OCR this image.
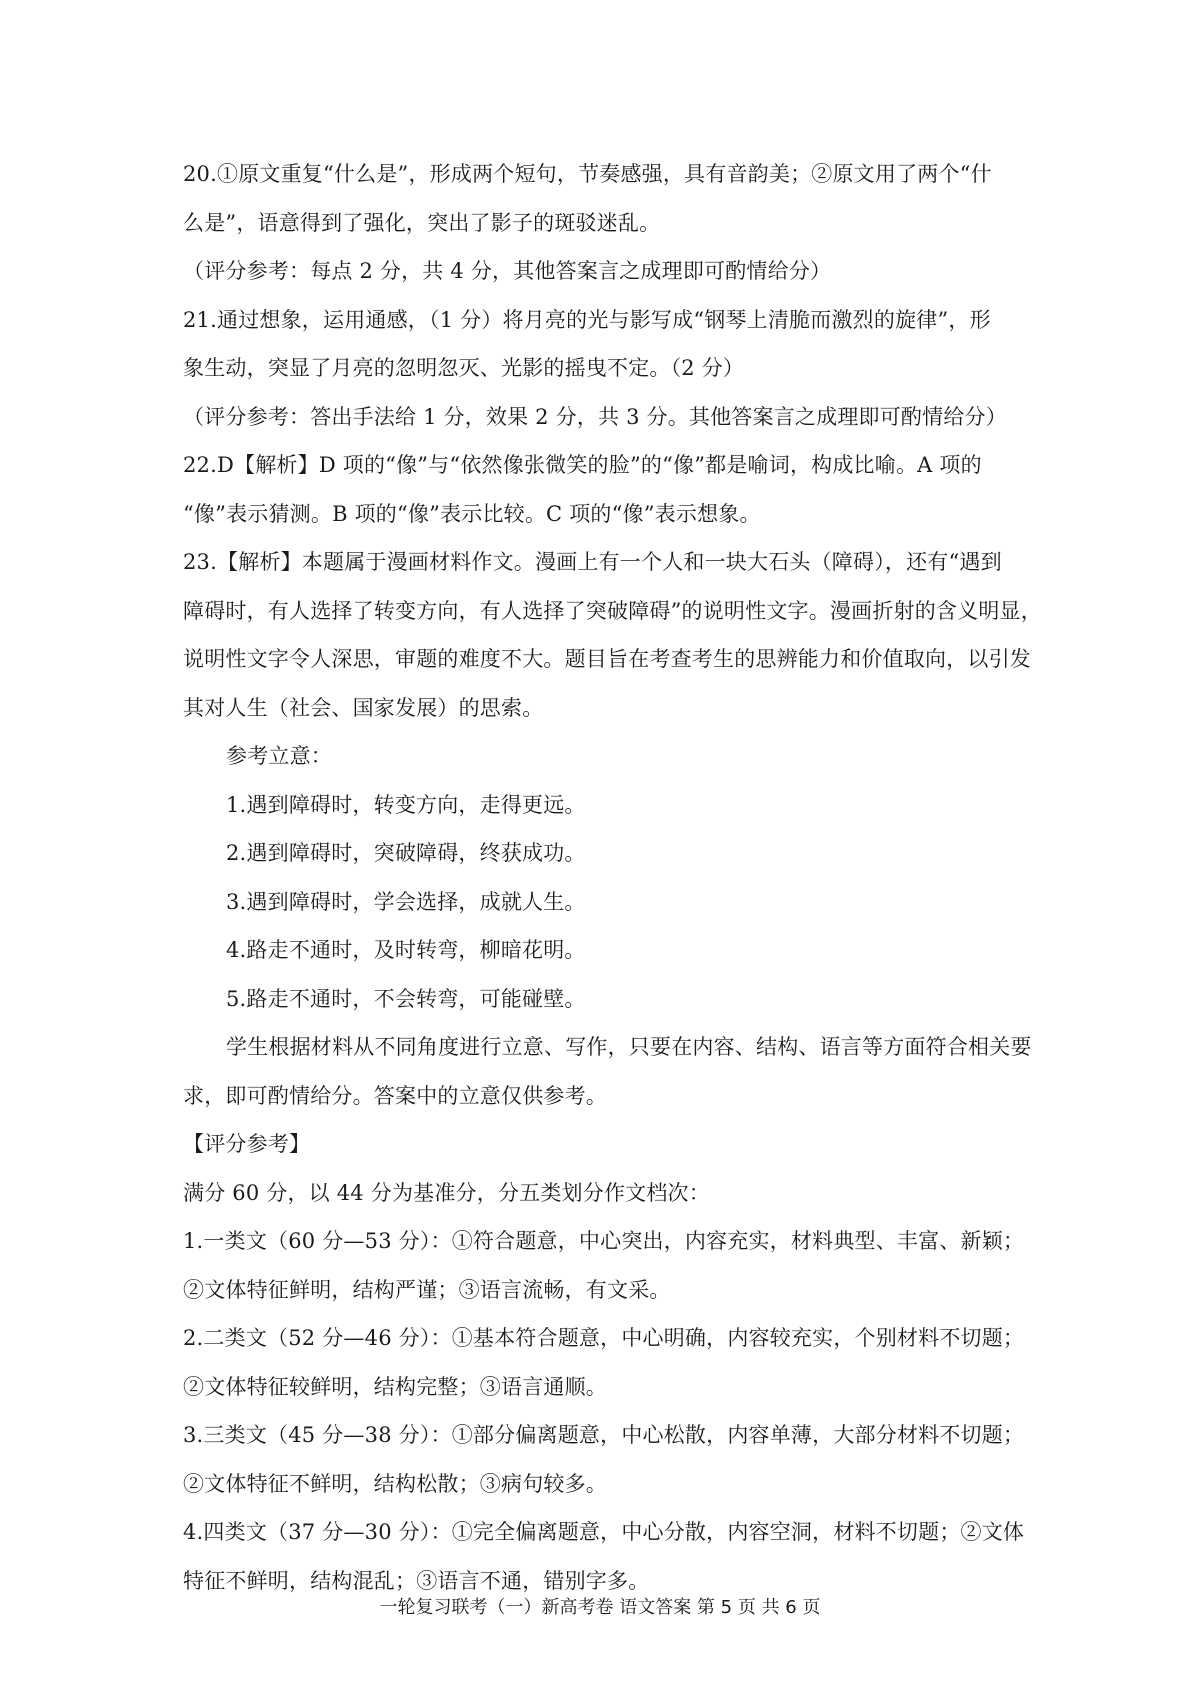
20.①原文重复“什么是”，形成两个短句，节奏感强，具有音韵美；②原文用了两个“什
么是”，语意得到了强化，突出了影子的斑驳迷乱。
（评分参考：每点 2 分，共 4 分，其他答案言之成理即可酌情给分）
21.通过想象，运用通感，（1 分）将月亮的光与影写成“钢琴上清脆而激烈的旋律”，形
象生动，突显了月亮的忽明忽灭、光影的摇曳不定。（2 分）
（评分参考：答出手法给 1 分，效果 2 分，共 3 分。其他答案言之成理即可酌情给分）
22.D【解析】D 项的“像”与“依然像张微笑的脸”的“像”都是喻词，构成比喻。A 项的
“像”表示猜测。B 项的“像”表示比较。C 项的“像”表示想象。
23.【解析】本题属于漫画材料作文。漫画上有一个人和一块大石头（障碍），还有“遇到
障碍时，有人选择了转变方向，有人选择了突破障碍”的说明性文字。漫画折射的含义明显，
说明性文字令人深思，审题的难度不大。题目旨在考查考生的思辨能力和价值取向，以引发
其对人生（社会、国家发展）的思索。
参考立意：
1.遇到障碍时，转变方向，走得更远。
2.遇到障碍时，突破障碍，终获成功。
3.遇到障碍时，学会选择，成就人生。
4.路走不通时，及时转弯，柳暗花明。
5.路走不通时，不会转弯，可能碰壁。
学生根据材料从不同角度进行立意、写作，只要在内容、结构、语言等方面符合相关要
求，即可酌情给分。答案中的立意仅供参考。
【评分参考】
满分 60 分，以 44 分为基准分，分五类划分作文档次：
1.一类文（60 分—53 分）：①符合题意，中心突出，内容充实，材料典型、丰富、新颖；
②文体特征鲜明，结构严谨；③语言流畅，有文采。
2.二类文（52 分—46 分）：①基本符合题意，中心明确，内容较充实，个别材料不切题；
②文体特征较鲜明，结构完整；③语言通顺。
3.三类文（45 分—38 分）：①部分偏离题意，中心松散，内容单薄，大部分材料不切题；
②文体特征不鲜明，结构松散；③病句较多。
4.四类文（37 分—30 分）：①完全偏离题意，中心分散，内容空洞，材料不切题；②文体
特征不鲜明，结构混乱；③语言不通，错别字多。
一轮复习联考（一）新高考卷 语文答案 第 5 页 共 6 页
